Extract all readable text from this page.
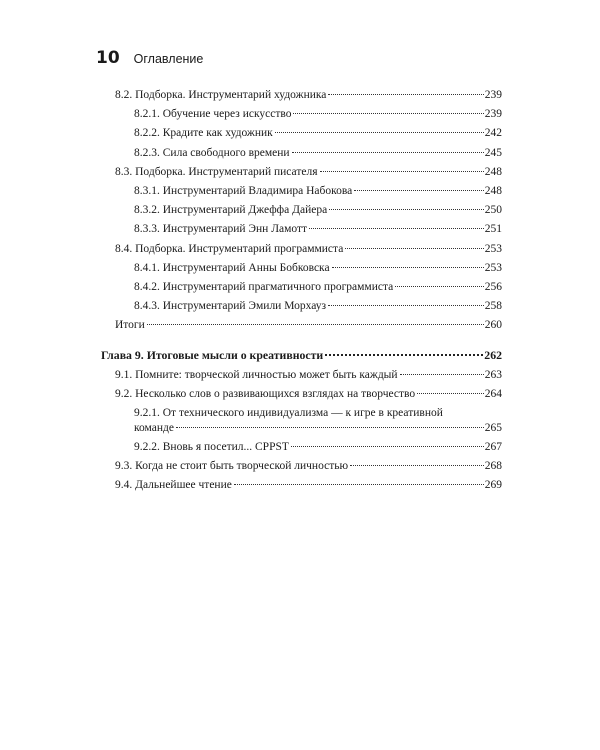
10 Оглавление
8.2. Подборка. Инструментарий художника	239
8.2.1. Обучение через искусство	239
8.2.2. Крадите как художник	242
8.2.3. Сила свободного времени	245
8.3. Подборка. Инструментарий писателя	248
8.3.1. Инструментарий Владимира Набокова	248
8.3.2. Инструментарий Джеффа Дайера	250
8.3.3. Инструментарий Энн Ламотт	251
8.4. Подборка. Инструментарий программиста	253
8.4.1. Инструментарий Анны Бобковска	253
8.4.2. Инструментарий прагматичного программиста	256
8.4.3. Инструментарий Эмили Морхауз	258
Итоги	260
Глава 9. Итоговые мысли о креативности	262
9.1. Помните: творческой личностью может быть каждый	263
9.2. Несколько слов о развивающихся взглядах на творчество	264
9.2.1. От технического индивидуализма — к игре в креативной
команде	265
9.2.2. Вновь я посетил... CPPST	267
9.3. Когда не стоит быть творческой личностью	268
9.4. Дальнейшее чтение	269
